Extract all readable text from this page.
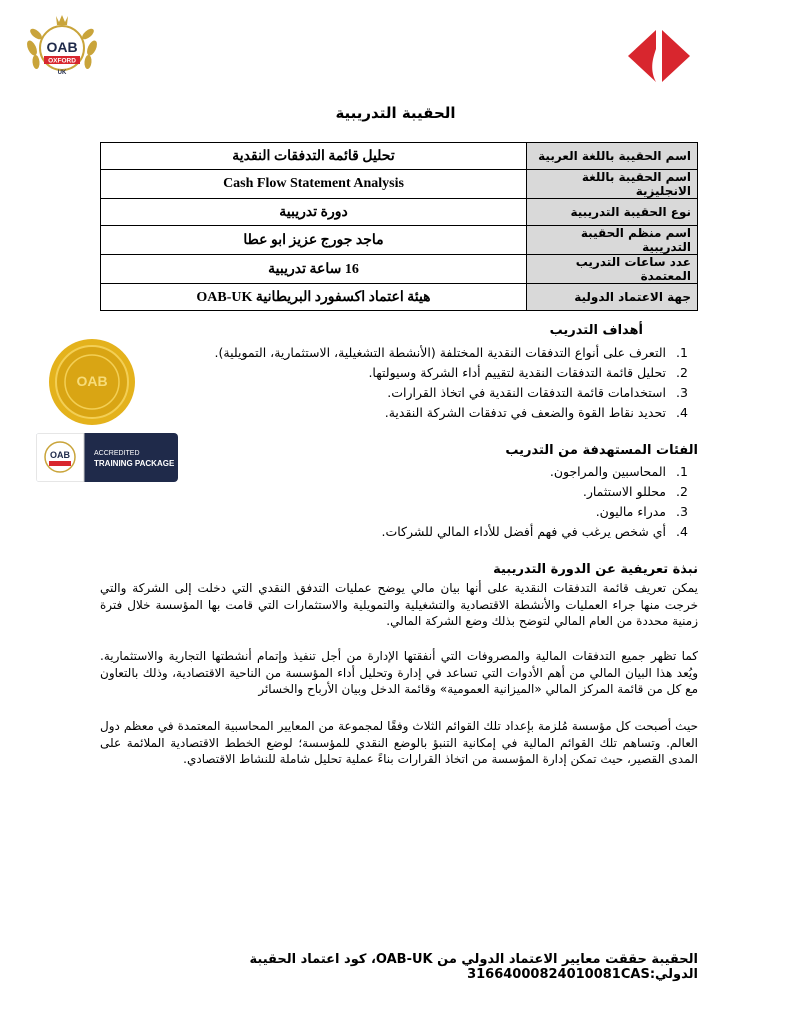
OAB
OXFORD
UK
الحقيبة التدريبية
اسم الحقيبة باللغة العربية	تحليل قائمة التدفقات النقدية
اسم الحقيبة باللغة الانجليزية	Cash Flow Statement Analysis
نوع الحقيبة التدريبية	دورة تدريبية
اسم منظم الحقيبة التدريبية	ماجد جورج عزيز ابو عطا
عدد ساعات التدريب المعتمدة	16 ساعة تدريبية
جهة الاعتماد الدولية	هيئة اعتماد اكسفورد البريطانية OAB-UK
OAB
OAB	ACCREDITED
TRAINING PACKAGE
أهداف التدريب
1. التعرف على أنواع التدفقات النقدية المختلفة (الأنشطة التشغيلية، الاستثمارية، التمويلية).
2. تحليل قائمة التدفقات النقدية لتقييم أداء الشركة وسيولتها.
3. استخدامات قائمة التدفقات النقدية في اتخاذ القرارات.
4. تحديد نقاط القوة والضعف في تدفقات الشركة النقدية.
الفئات المستهدفة من التدريب
1. المحاسبين والمراجون.
2. محللو الاستثمار.
3. مدراء ماليون.
4. أي شخص يرغب في فهم أفضل للأداء المالي للشركات.
نبذة تعريفية عن الدورة التدريبية
يمكن تعريف قائمة التدفقات النقدية على أنها بيان مالي يوضح عمليات التدفق النقدي التي دخلت إلى الشركة والتي خرجت منها جراء العمليات والأنشطة الاقتصادية والتشغيلية والتمويلية والاستثمارات التي قامت بها المؤسسة خلال فترة زمنية محددة من العام المالي لتوضح بذلك وضع الشركة المالي.
كما تظهر جميع التدفقات المالية والمصروفات التي أنفقتها الإدارة من أجل تنفيذ وإتمام أنشطتها التجارية والاستثمارية. ويُعد هذا البيان المالي من أهم الأدوات التي تساعد في إدارة وتحليل أداء المؤسسة من الناحية الاقتصادية، وذلك بالتعاون مع كل من قائمة المركز المالي «الميزانية العمومية» وقائمة الدخل وبيان الأرباح والخسائر
حيث أصبحت كل مؤسسة مُلزمة بإعداد تلك القوائم الثلاث وفقًا لمجموعة من المعايير المحاسبية المعتمدة في معظم دول العالم. وتساهم تلك القوائم المالية في إمكانية التنبؤ بالوضع النقدي للمؤسسة؛ لوضع الخطط الاقتصادية الملائمة على المدى القصير، حيث تمكن إدارة المؤسسة من اتخاذ القرارات بناءً عملية تحليل شاملة للنشاط الاقتصادي.
الحقيبة حققت معايير الاعتماد الدولي من OAB-UK، كود اعتماد الحقيبة الدولي:31664000824010081CAS
